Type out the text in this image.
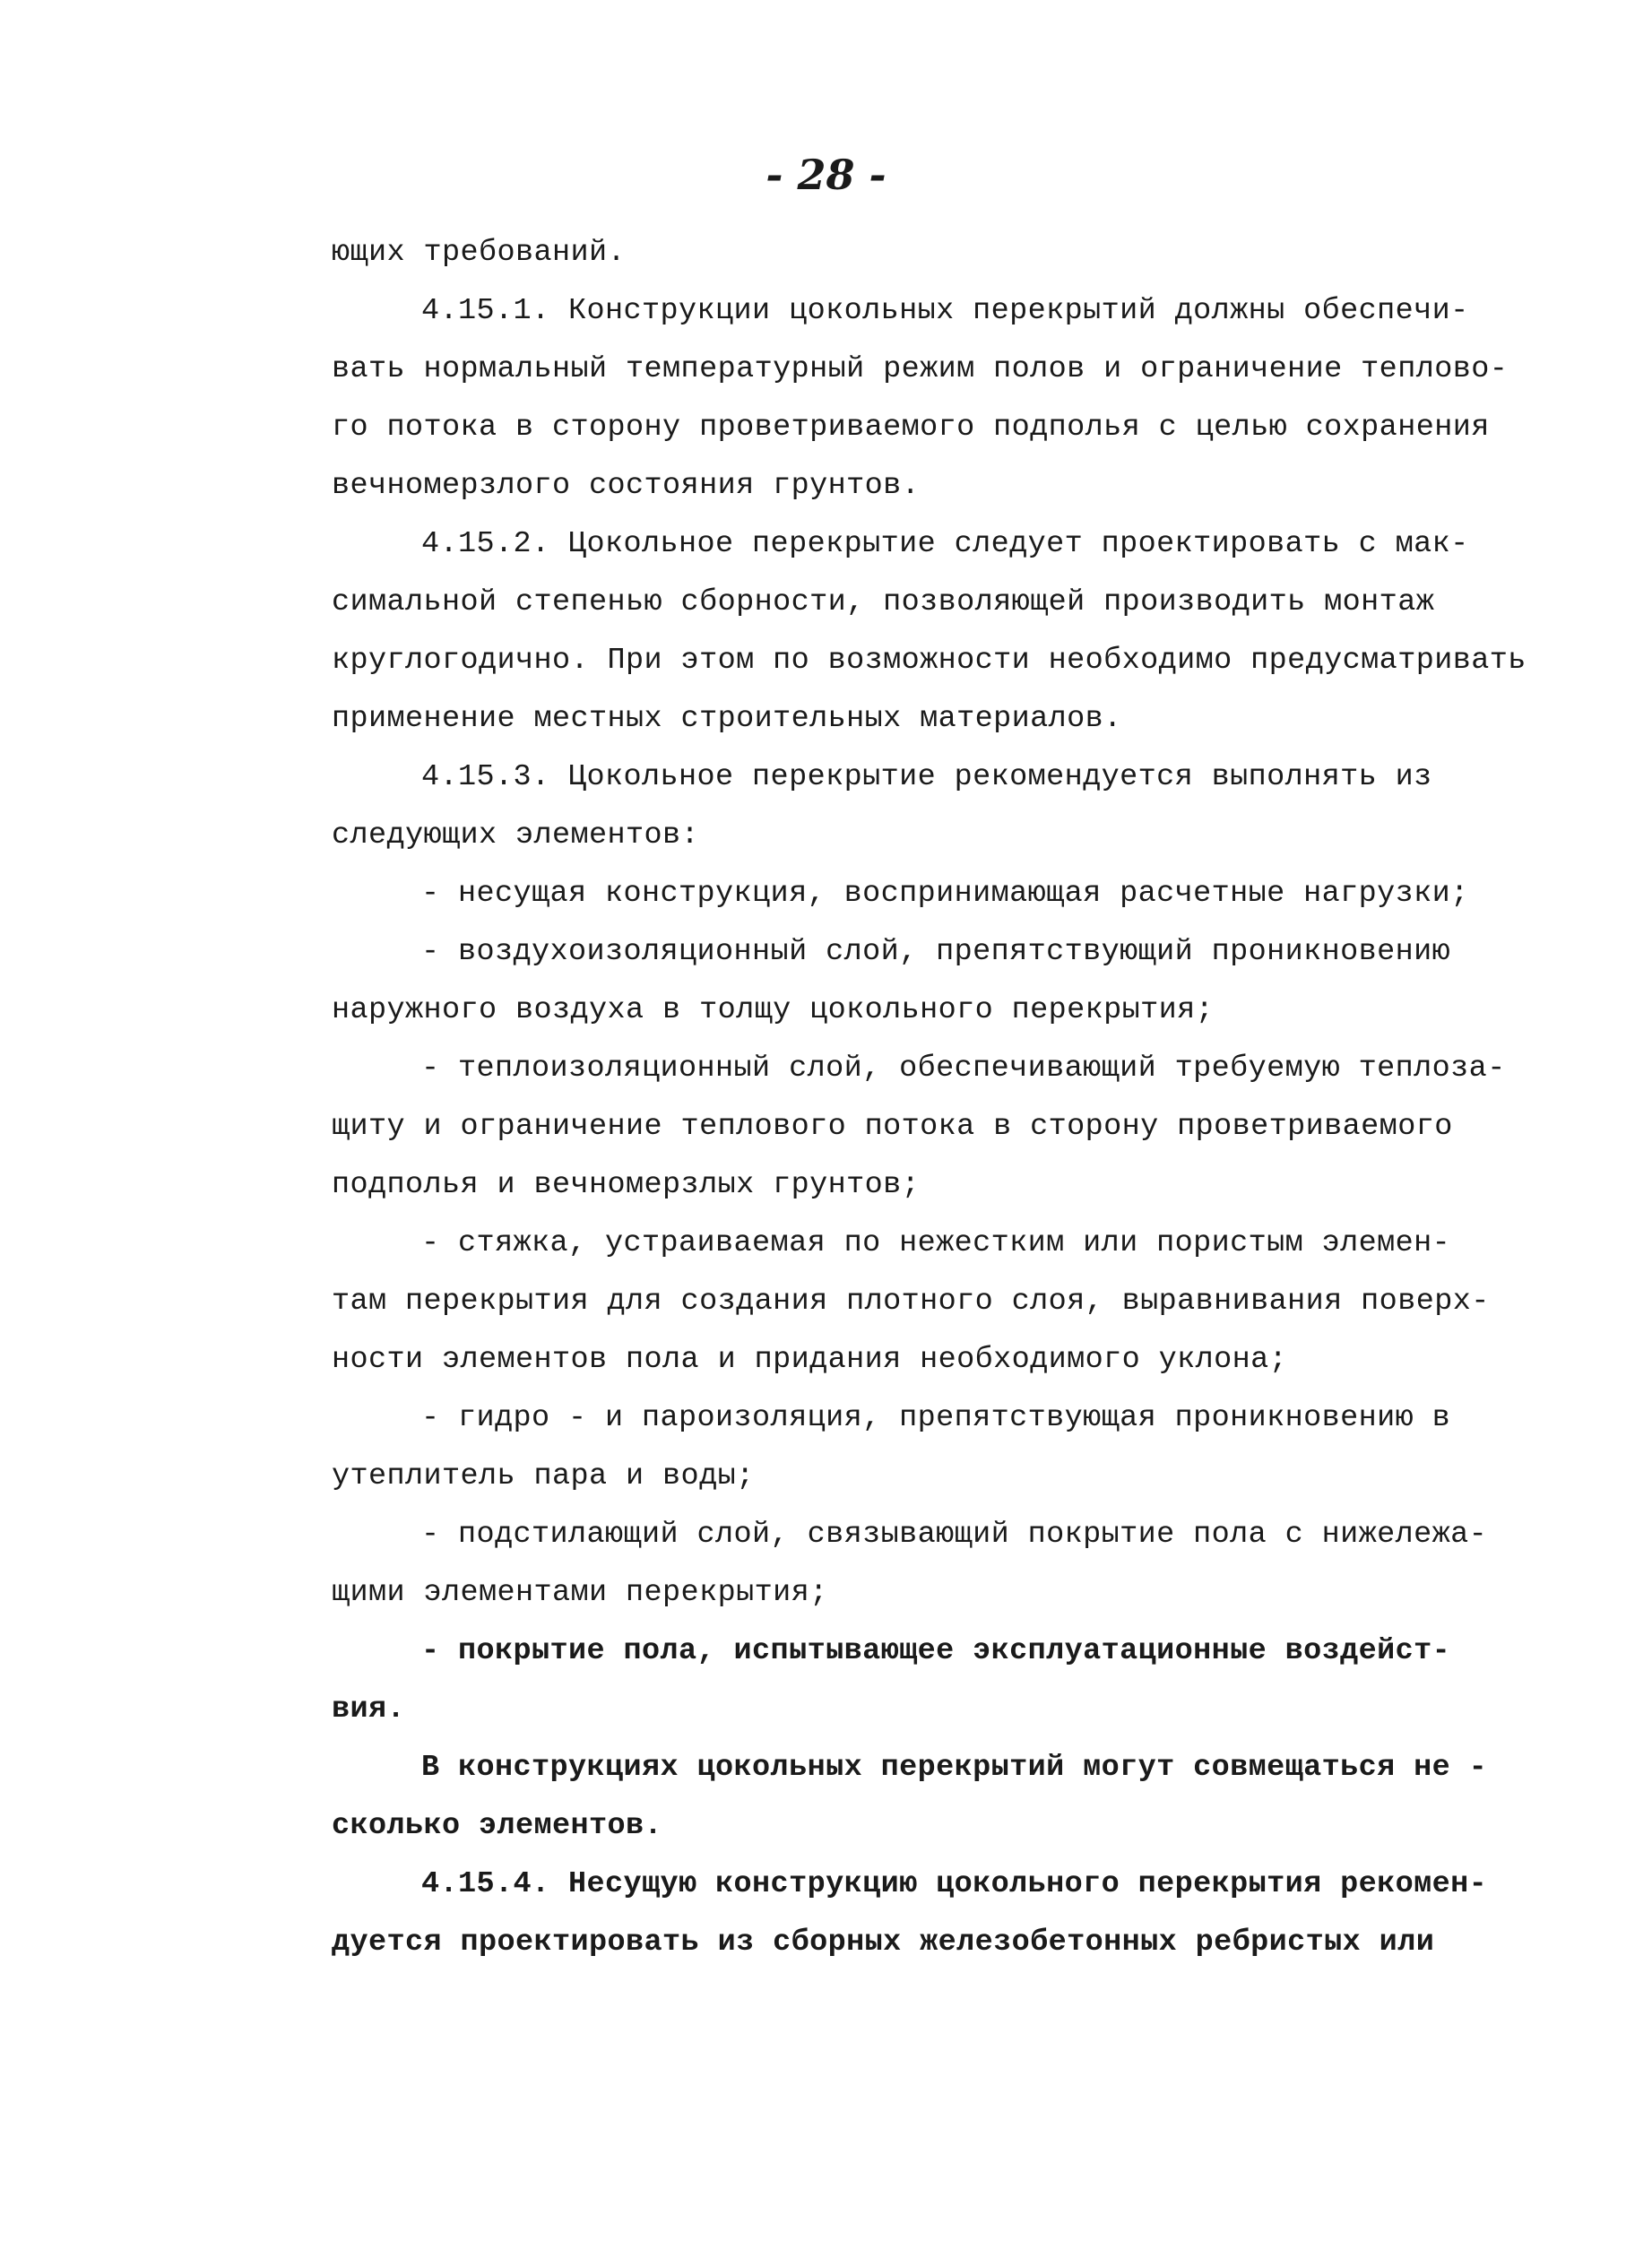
- 28 -
ющих требований.
4.15.1. Конструкции цокольных перекрытий должны обеспечи-
вать нормальный температурный режим полов и ограничение теплово-
го потока в сторону проветриваемого подполья с целью сохранения
вечномерзлого состояния грунтов.
4.15.2. Цокольное перекрытие следует проектировать с мак-
симальной степенью сборности, позволяющей производить монтаж
круглогодично. При этом по возможности необходимо предусматривать
применение местных строительных материалов.
4.15.3. Цокольное перекрытие рекомендуется выполнять из
следующих элементов:
- несущая конструкция, воспринимающая расчетные нагрузки;
- воздухоизоляционный слой, препятствующий проникновению
наружного воздуха в толщу цокольного перекрытия;
- теплоизоляционный слой, обеспечивающий требуемую теплоза-
щиту и ограничение теплового потока в сторону проветриваемого
подполья и вечномерзлых грунтов;
- стяжка, устраиваемая по нежестким или пористым элемен-
там перекрытия для создания плотного слоя, выравнивания поверх-
ности элементов пола и придания необходимого уклона;
- гидро - и пароизоляция, препятствующая проникновению в
утеплитель пара и воды;
- подстилающий слой, связывающий покрытие пола с нижележа-
щими элементами перекрытия;
- покрытие пола, испытывающее эксплуатационные воздейст-
вия.
В конструкциях цокольных перекрытий могут совмещаться не -
сколько элементов.
4.15.4. Несущую конструкцию цокольного перекрытия рекомен-
дуется проектировать из сборных железобетонных ребристых или
